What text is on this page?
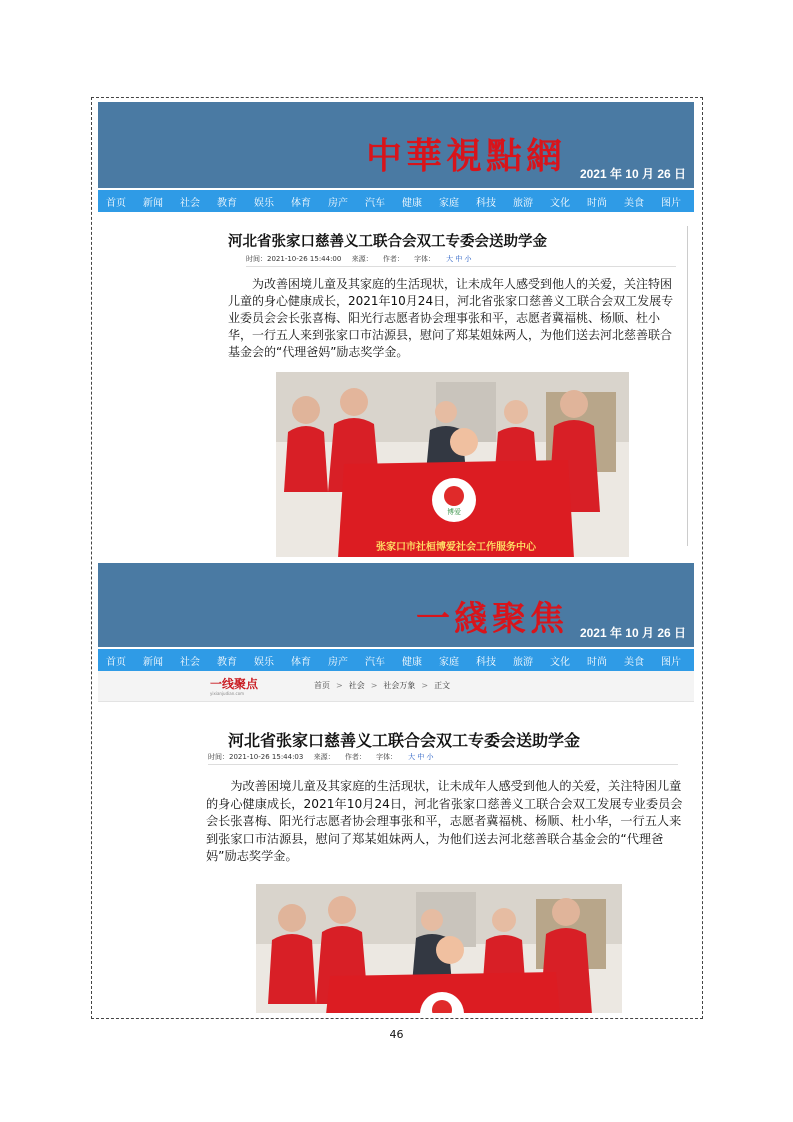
中華視點網 2021 年 10 月 26 日
首页 新闻 社会 教育 娱乐 体育 房产 汽车 健康 家庭 科技 旅游 文化 时尚 美食 图片
河北省张家口慈善义工联合会双工专委会送助学金
时间：2021-10-26 15:44:00 来源： 作者： 字体： 大 中 小
　　为改善困境儿童及其家庭的生活现状，让未成年人感受到他人的关爱，关注特困儿童的身心健康成长，2021年10月24日，河北省张家口慈善义工联合会双工发展专业委员会会长张喜梅、阳光行志愿者协会理事张和平，志愿者冀福桃、杨顺、杜小华，一行五人来到张家口市沽源县，慰问了郑某姐妹两人，为他们送去河北慈善联合基金会的“代理爸妈”励志奖学金。
博爱
张家口市社桓博爱社会工作服务中心
一綫聚焦 2021 年 10 月 26 日
首页 新闻 社会 教育 娱乐 体育 房产 汽车 健康 家庭 科技 旅游 文化 时尚 美食 图片
一线聚点
yixianjudian.com
首页 > 社会 > 社会万象 > 正文
河北省张家口慈善义工联合会双工专委会送助学金
时间：2021-10-26 15:44:03 来源： 作者： 字体： 大 中 小
　　为改善困境儿童及其家庭的生活现状，让未成年人感受到他人的关爱，关注特困儿童的身心健康成长，2021年10月24日，河北省张家口慈善义工联合会双工发展专业委员会会长张喜梅、阳光行志愿者协会理事张和平，志愿者冀福桃、杨顺、杜小华，一行五人来到张家口市沽源县，慰问了郑某姐妹两人，为他们送去河北慈善联合基金会的“代理爸妈”励志奖学金。
博爱
46
